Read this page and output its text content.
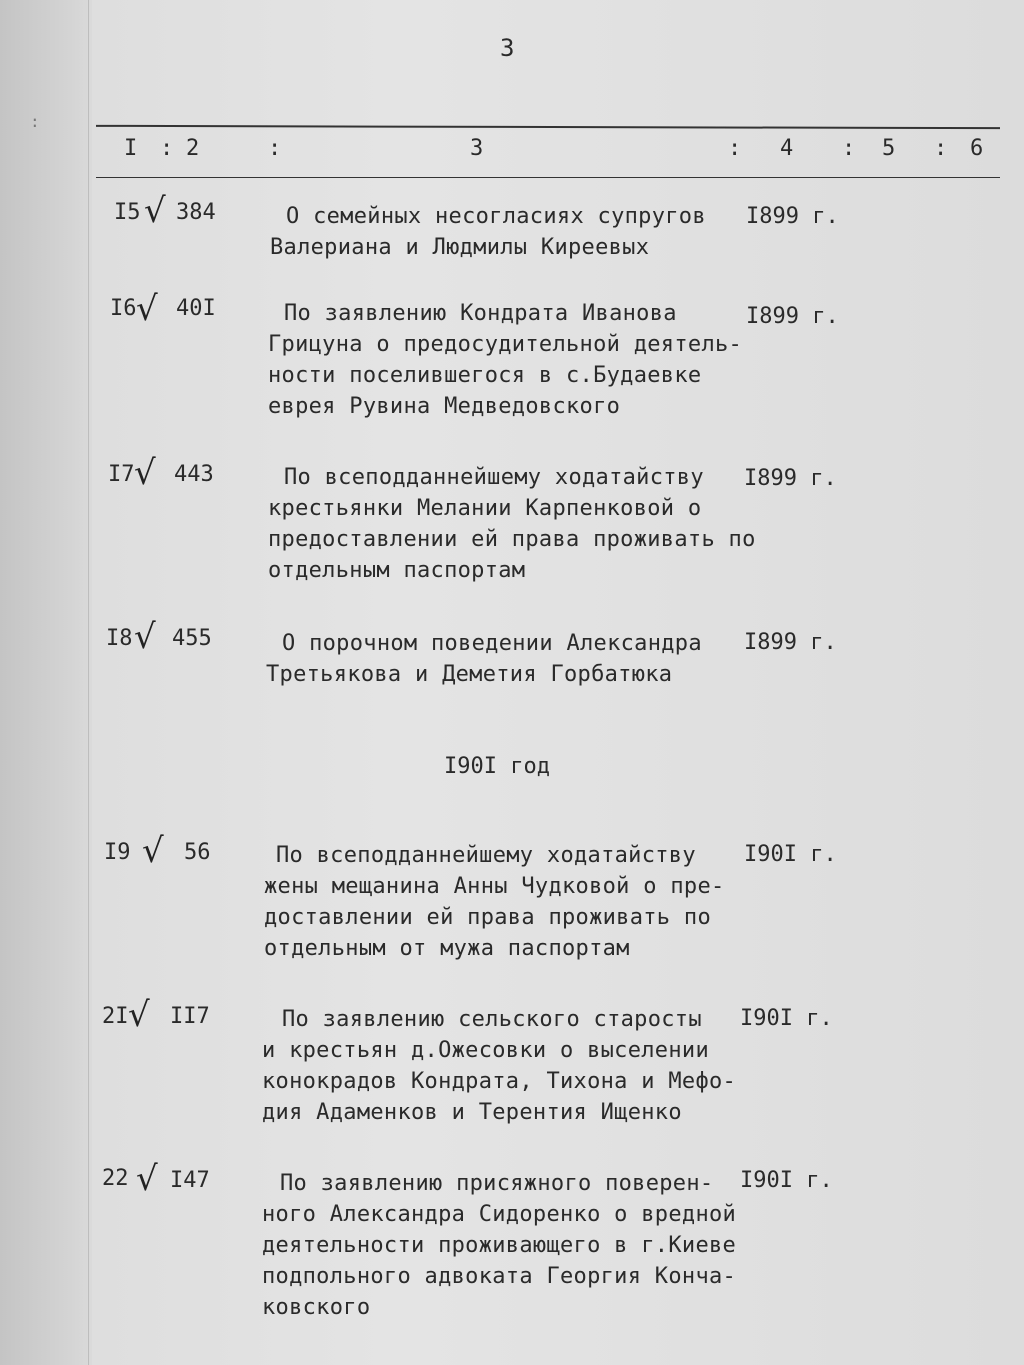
:
3
I : 2	:	3	: 4 : 5 : 6
I5 √ 384	О семейных несогласиях супругов
Валериана и Людмилы Киреевых
I899 г.
I6 √ 40I	По заявлению Кондрата Иванова
Грицуна о предосудительной деятель-
ности поселившегося в с.Будаевке
еврея Рувина Медведовского
I899 г.
I7 √ 443	По всеподданнейшему ходатайству
крестьянки Мелании Карпенковой о
предоставлении ей права проживать по
отдельным паспортам
I899 г.
I8 √ 455	О порочном поведении Александра
Третьякова и Деметия Горбатюка
I899 г.
I90I год
I9 √ 56	По всеподданнейшему ходатайству
жены мещанина Анны Чудковой о пре-
доставлении ей права проживать по
отдельным от мужа паспортам
I90I г.
2I √ II7	По заявлению сельского старосты
и крестьян д.Ожесовки о выселении
конокрадов Кондрата, Тихона и Мефо-
дия Адаменков и Терентия Ищенко
I90I г.
22 √ I47	По заявлению присяжного поверен-
ного Александра Сидоренко о вредной
деятельности проживающего в г.Киеве
подпольного адвоката Георгия Конча-
ковского
I90I г.
